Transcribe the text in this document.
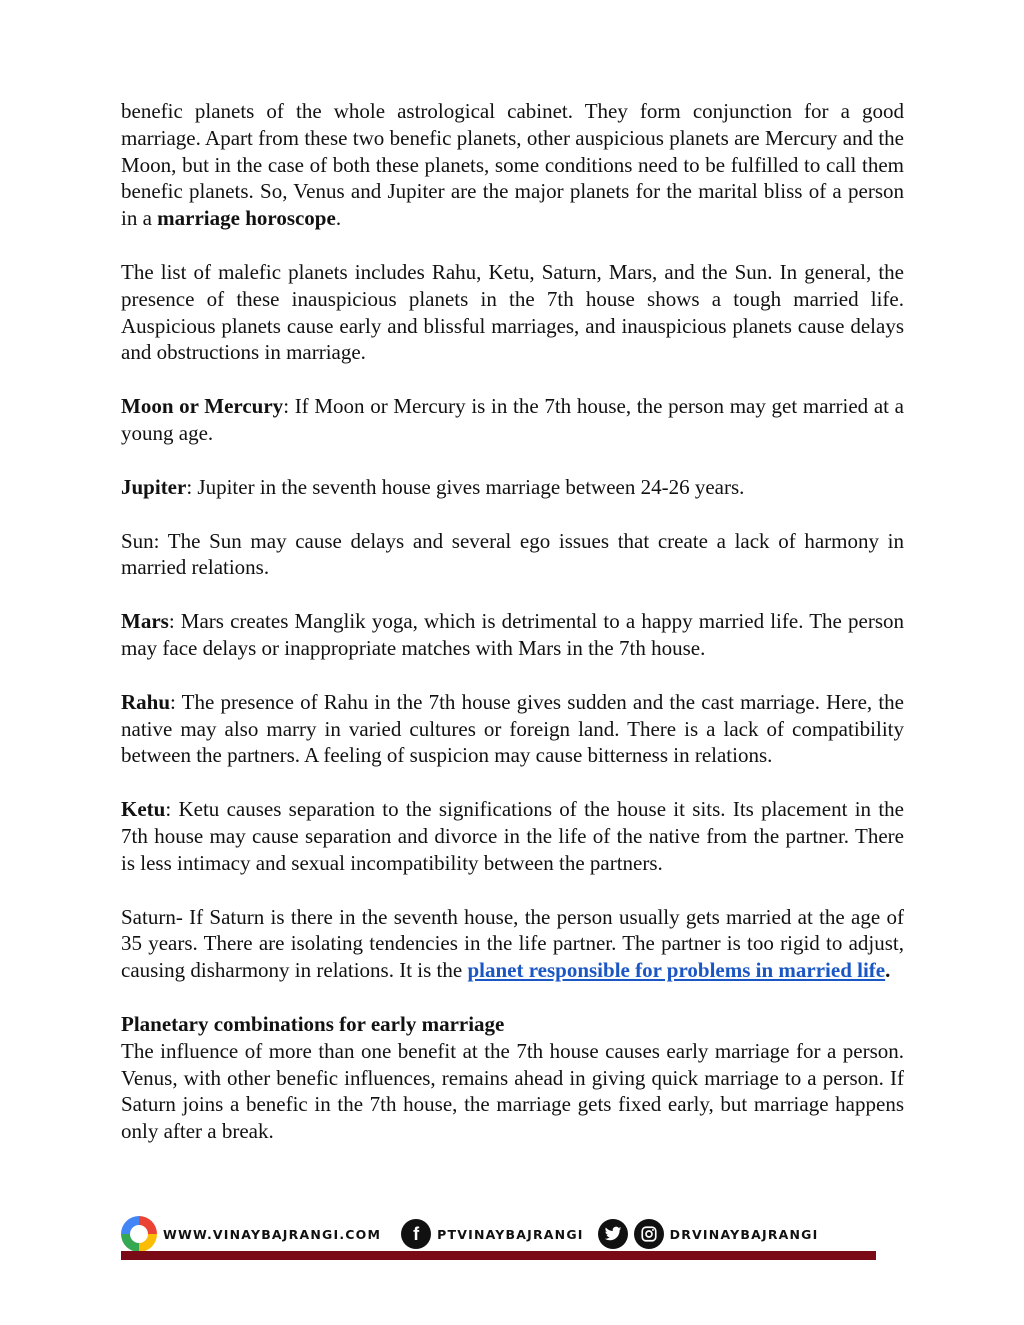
benefic planets of the whole astrological cabinet. They form conjunction for a good marriage. Apart from these two benefic planets, other auspicious planets are Mercury and the Moon, but in the case of both these planets, some conditions need to be fulfilled to call them benefic planets. So, Venus and Jupiter are the major planets for the marital bliss of a person in a marriage horoscope.

The list of malefic planets includes Rahu, Ketu, Saturn, Mars, and the Sun. In general, the presence of these inauspicious planets in the 7th house shows a tough married life. Auspicious planets cause early and blissful marriages, and inauspicious planets cause delays and obstructions in marriage.

Moon or Mercury: If Moon or Mercury is in the 7th house, the person may get married at a young age.

Jupiter: Jupiter in the seventh house gives marriage between 24-26 years.

Sun: The Sun may cause delays and several ego issues that create a lack of harmony in married relations.

Mars: Mars creates Manglik yoga, which is detrimental to a happy married life. The person may face delays or inappropriate matches with Mars in the 7th house.

Rahu: The presence of Rahu in the 7th house gives sudden and the cast marriage. Here, the native may also marry in varied cultures or foreign land. There is a lack of compatibility between the partners. A feeling of suspicion may cause bitterness in relations.

Ketu: Ketu causes separation to the significations of the house it sits. Its placement in the 7th house may cause separation and divorce in the life of the native from the partner. There is less intimacy and sexual incompatibility between the partners.

Saturn- If Saturn is there in the seventh house, the person usually gets married at the age of 35 years. There are isolating tendencies in the life partner. The partner is too rigid to adjust, causing disharmony in relations. It is the planet responsible for problems in married life.

Planetary combinations for early marriage

The influence of more than one benefit at the 7th house causes early marriage for a person. Venus, with other benefic influences, remains ahead in giving quick marriage to a person. If Saturn joins a benefic in the 7th house, the marriage gets fixed early, but marriage happens only after a break.

WWW.VINAYBAJRANGI.COM	f	PTVINAYBAJRANGI	DRVINAYBAJRANGI
